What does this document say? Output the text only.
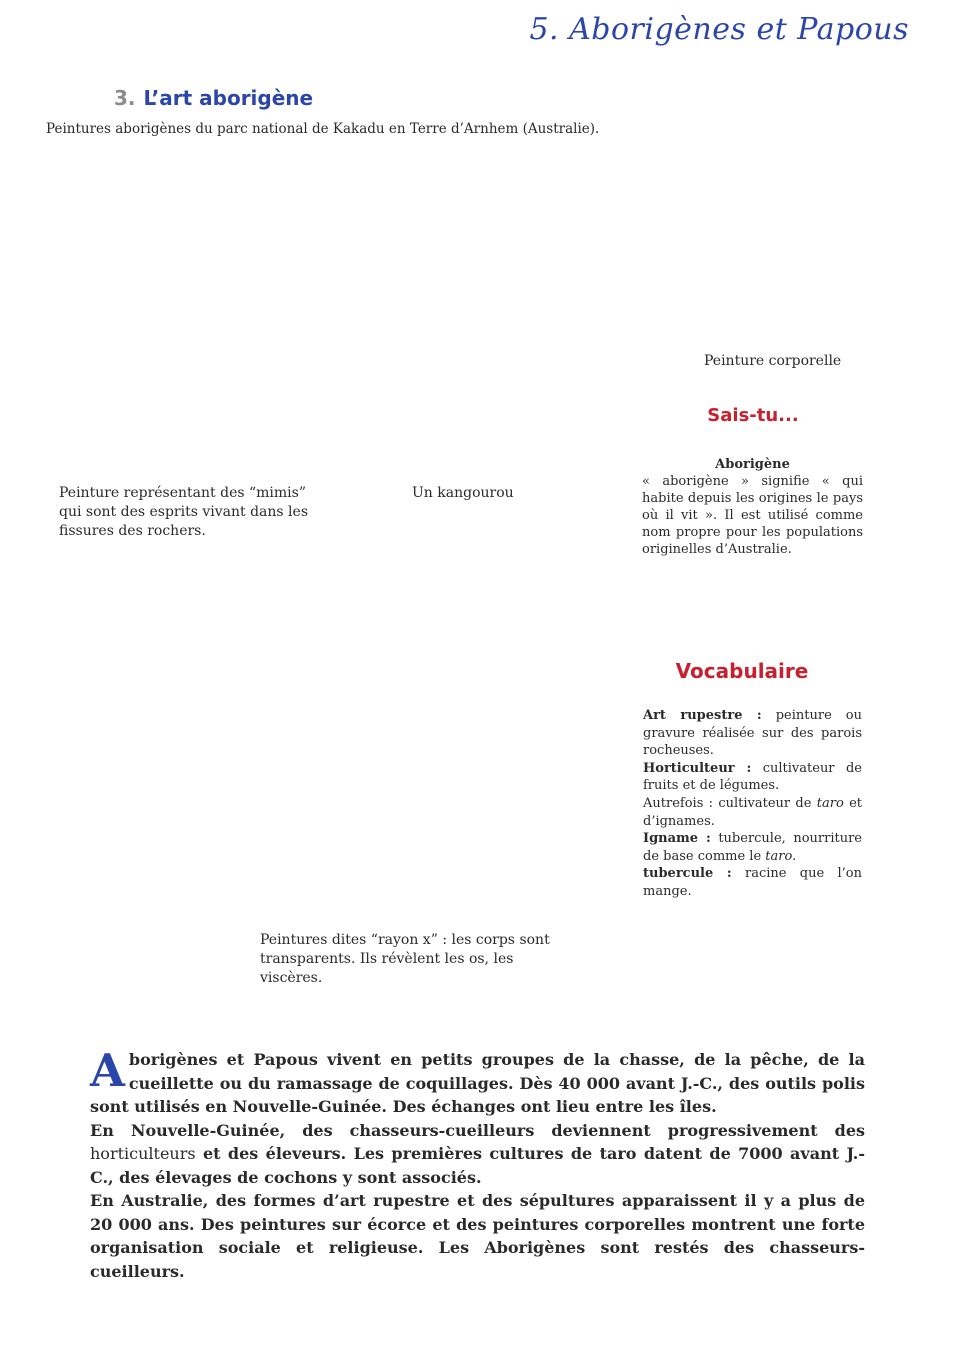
5. Aborigènes et Papous
3. L’art aborigène
Peintures aborigènes du parc national de Kakadu en Terre d’Arnhem (Australie).
Peinture corporelle
Peinture représentant des “mimis” qui sont des esprits vivant dans les fissures des rochers.
Un kangourou
Peintures dites “rayon x” : les corps sont transparents. Ils révèlent les os, les viscères.
Sais-tu...
Aborigène
« aborigène » signifie « qui habite depuis les origines le pays où il vit ». Il est utilisé comme nom propre pour les populations originelles d’Australie.
Vocabulaire

Art rupestre : peinture ou gravure réalisée sur des parois rocheuses.

Horticulteur : cultivateur de fruits et de légumes.

Autrefois : cultivateur de taro et d’ignames.

Igname : tubercule, nourriture de base comme le taro.

tubercule : racine que l’on mange.

Aborigènes et Papous vivent en petits groupes de la chasse, de la pêche, de la cueillette ou du ramassage de coquillages. Dès 40 000 avant J.-C., des outils polis sont utilisés en Nouvelle-Guinée. Des échanges ont lieu entre les îles.

En Nouvelle-Guinée, des chasseurs-cueilleurs deviennent progressivement des horticulteurs et des éleveurs. Les premières cultures de taro datent de 7000 avant J.-C., des élevages de cochons y sont associés.

En Australie, des formes d’art rupestre et des sépultures apparaissent il y a plus de 20 000 ans. Des peintures sur écorce et des peintures corporelles montrent une forte organisation sociale et religieuse. Les Aborigènes sont restés des chasseurs-cueilleurs.
